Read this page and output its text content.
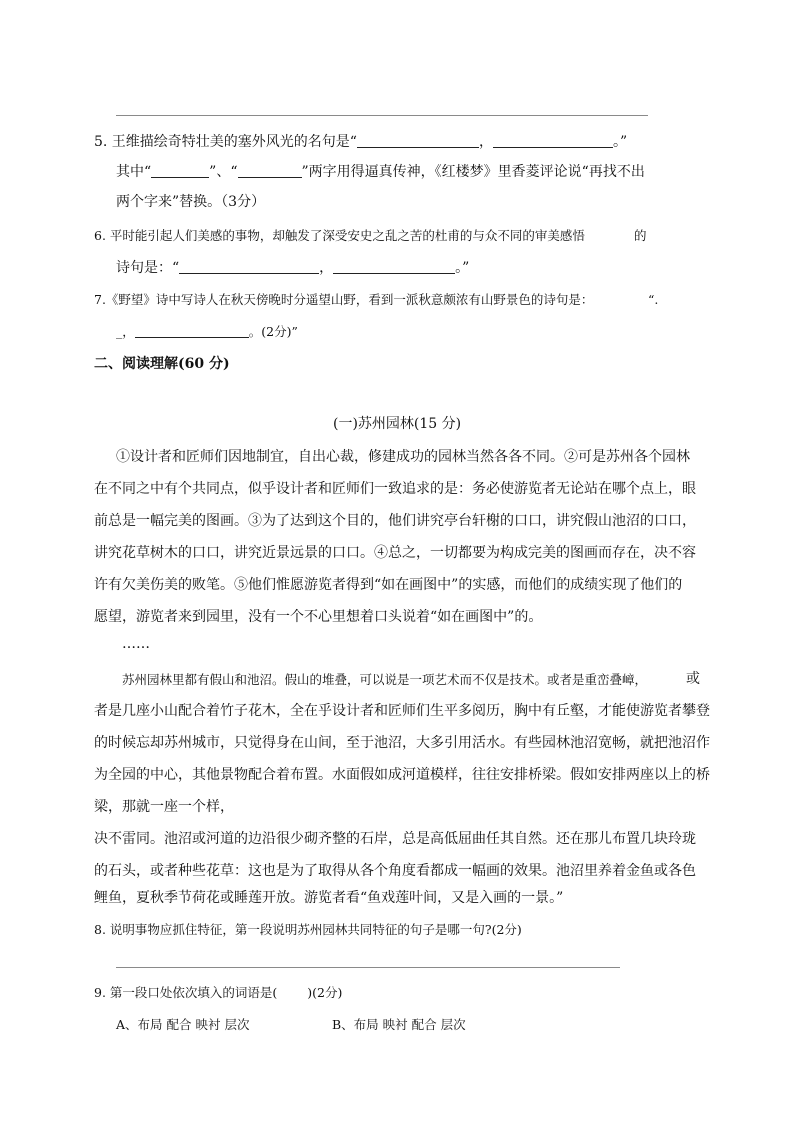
5. 王维描绘奇特壮美的塞外风光的名句是“	，	。”
其中“	”、“	”两字用得逼真传神，《红楼梦》里香菱评论说“再找不出
两个字来”替换。（3分）
6. 平时能引起人们美感的事物，却触发了深受安史之乱之苦的杜甫的与众不同的审美感悟	的
诗句是：“	，	。”
7.《野望》诗中写诗人在秋天傍晚时分遥望山野，看到一派秋意颇浓有山野景色的诗句是：	“.
_，	。(2分)”
二、阅读理解(60 分)
(一)苏州园林(15 分)
①设计者和匠师们因地制宜，自出心裁，修建成功的园林当然各各不同。②可是苏州各个园林
在不同之中有个共同点，似乎设计者和匠师们一致追求的是：务必使游览者无论站在哪个点上，眼
前总是一幅完美的图画。③为了达到这个目的，他们讲究亭台轩榭的口口，讲究假山池沼的口口，
讲究花草树木的口口，讲究近景远景的口口。④总之，一切都要为构成完美的图画而存在，决不容
许有欠美伤美的败笔。⑤他们惟愿游览者得到“如在画图中”的实感，而他们的成绩实现了他们的
愿望，游览者来到园里，没有一个不心里想着口头说着“如在画图中”的。
……
苏州园林里都有假山和池沼。假山的堆叠，可以说是一项艺术而不仅是技术。或者是重峦叠嶂，	或
者是几座小山配合着竹子花木，全在乎设计者和匠师们生平多阅历，胸中有丘壑，才能使游览者攀登
的时候忘却苏州城市，只觉得身在山间，至于池沼，大多引用活水。有些园林池沼宽畅，就把池沼作
为全园的中心，其他景物配合着布置。水面假如成河道模样，往往安排桥梁。假如安排两座以上的桥
梁，那就一座一个样，
决不雷同。池沼或河道的边沿很少砌齐整的石岸，总是高低屈曲任其自然。还在那儿布置几块玲珑
的石头，或者种些花草：这也是为了取得从各个角度看都成一幅画的效果。池沼里养着金鱼或各色
鲤鱼，夏秋季节荷花或睡莲开放。游览者看“鱼戏莲叶间，又是入画的一景。”
8. 说明事物应抓住特征，第一段说明苏州园林共同特征的句子是哪一句?(2分)
9. 第一段口处依次填入的词语是( )(2分)
A、布局 配合 映衬 层次	B、布局 映衬 配合 层次
